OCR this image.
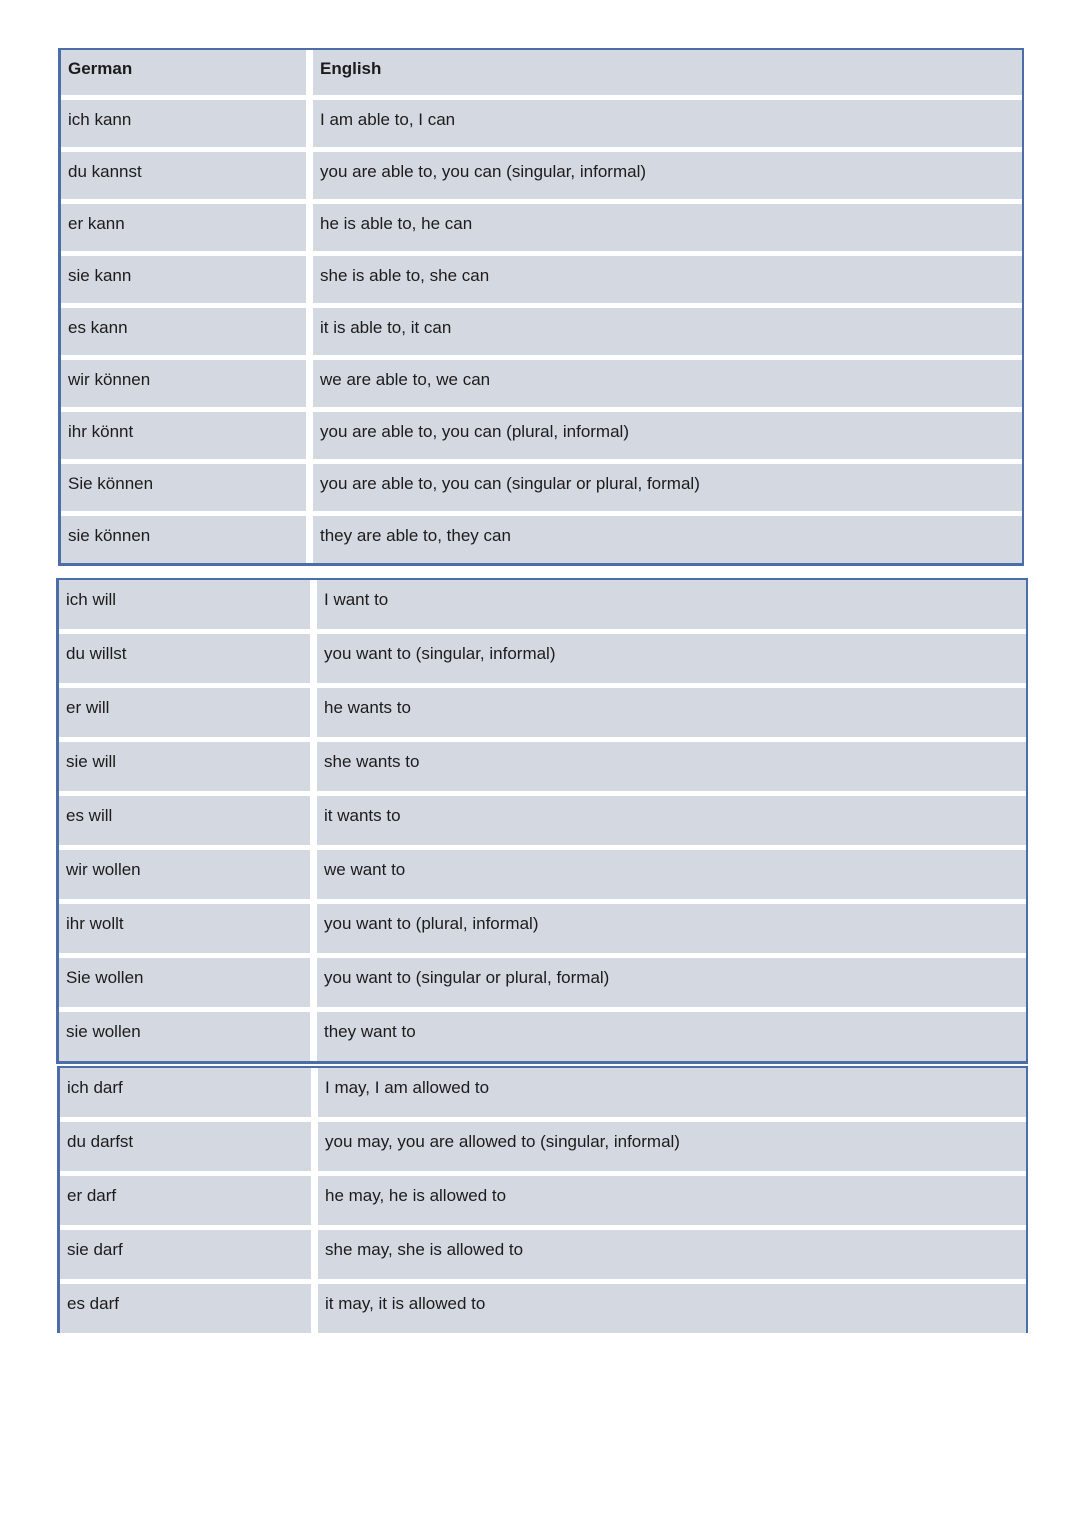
German	English
ich kann	I am able to, I can
du kannst	you are able to, you can (singular, informal)
er kann	he is able to, he can
sie kann	she is able to, she can
es kann	it is able to, it can
wir können	we are able to, we can
ihr könnt	you are able to, you can (plural, informal)
Sie können	you are able to, you can (singular or plural, formal)
sie können	they are able to, they can
ich will	I want to
du willst	you want to (singular, informal)
er will	he wants to
sie will	she wants to
es will	it wants to
wir wollen	we want to
ihr wollt	you want to (plural, informal)
Sie wollen	you want to (singular or plural, formal)
sie wollen	they want to
ich darf	I may, I am allowed to
du darfst	you may, you are allowed to (singular, informal)
er darf	he may, he is allowed to
sie darf	she may, she is allowed to
es darf	it may, it is allowed to
